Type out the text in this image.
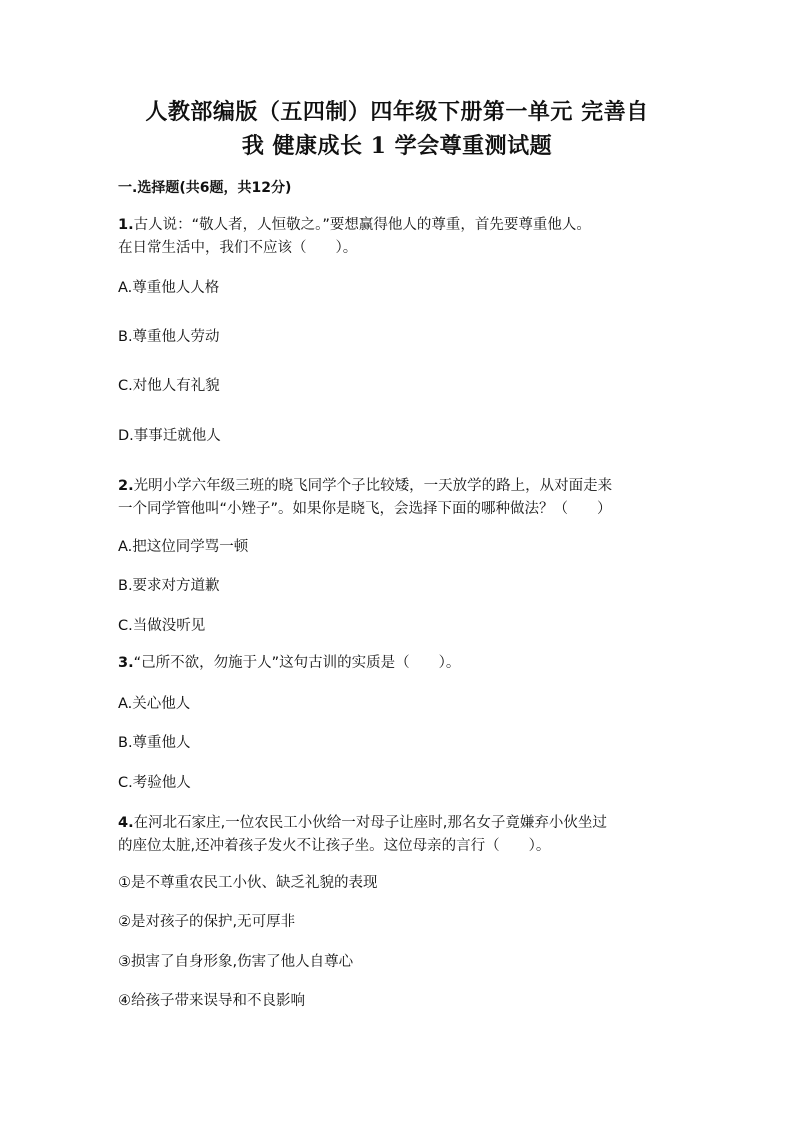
人教部编版（五四制）四年级下册第一单元 完善自
我 健康成长 1 学会尊重测试题
一.选择题(共6题，共12分)
1.古人说：“敬人者，人恒敬之。”要想赢得他人的尊重，首先要尊重他人。
在日常生活中，我们不应该（　　）。
A.尊重他人人格
B.尊重他人劳动
C.对他人有礼貌
D.事事迁就他人
2.光明小学六年级三班的晓飞同学个子比较矮，一天放学的路上，从对面走来
一个同学管他叫“小矬子”。如果你是晓飞，会选择下面的哪种做法？（　　）
A.把这位同学骂一顿
B.要求对方道歉
C.当做没听见
3.“己所不欲，勿施于人”这句古训的实质是（　　）。
A.关心他人
B.尊重他人
C.考验他人
4.在河北石家庄,一位农民工小伙给一对母子让座时,那名女子竟嫌弃小伙坐过
的座位太脏,还冲着孩子发火不让孩子坐。这位母亲的言行（　　）。
①是不尊重农民工小伙、缺乏礼貌的表现
②是对孩子的保护,无可厚非
③损害了自身形象,伤害了他人自尊心
④给孩子带来误导和不良影响
